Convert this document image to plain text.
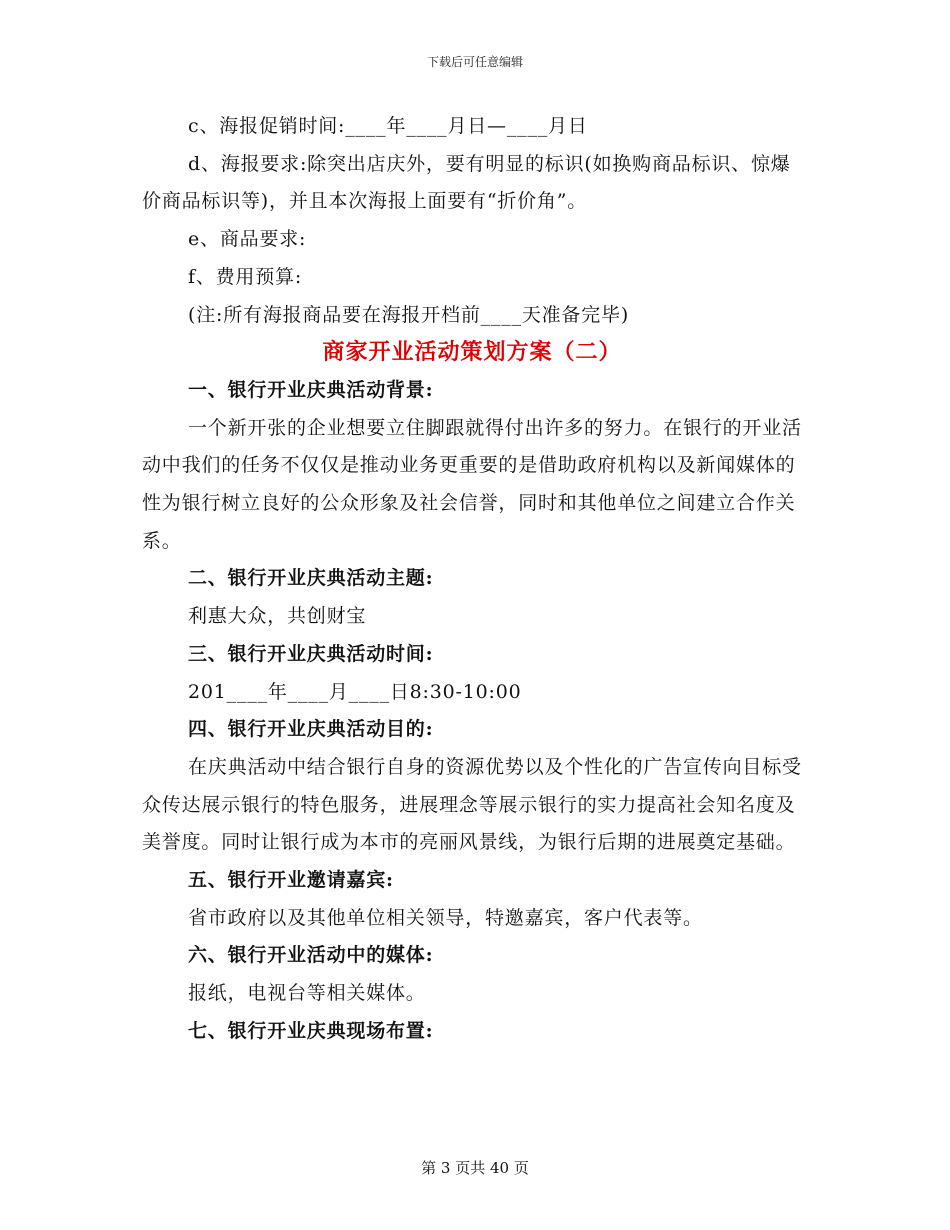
下载后可任意编辑

c、海报促销时间:____年____月日—____月日

d、海报要求:除突出店庆外，要有明显的标识(如换购商品标识、惊爆价商品标识等)，并且本次海报上面要有“折价角”。

e、商品要求:

f、费用预算:

(注:所有海报商品要在海报开档前____天准备完毕)

商家开业活动策划方案（二）

一、银行开业庆典活动背景:

一个新开张的企业想要立住脚跟就得付出许多的努力。在银行的开业活动中我们的任务不仅仅是推动业务更重要的是借助政府机构以及新闻媒体的性为银行树立良好的公众形象及社会信誉，同时和其他单位之间建立合作关系。

二、银行开业庆典活动主题:

利惠大众，共创财宝

三、银行开业庆典活动时间:

201____年____月____日8:30-10:00

四、银行开业庆典活动目的:

在庆典活动中结合银行自身的资源优势以及个性化的广告宣传向目标受众传达展示银行的特色服务，进展理念等展示银行的实力提高社会知名度及美誉度。同时让银行成为本市的亮丽风景线，为银行后期的进展奠定基础。

五、银行开业邀请嘉宾:

省市政府以及其他单位相关领导，特邀嘉宾，客户代表等。

六、银行开业活动中的媒体:

报纸，电视台等相关媒体。

七、银行开业庆典现场布置:

第 3 页共 40 页
